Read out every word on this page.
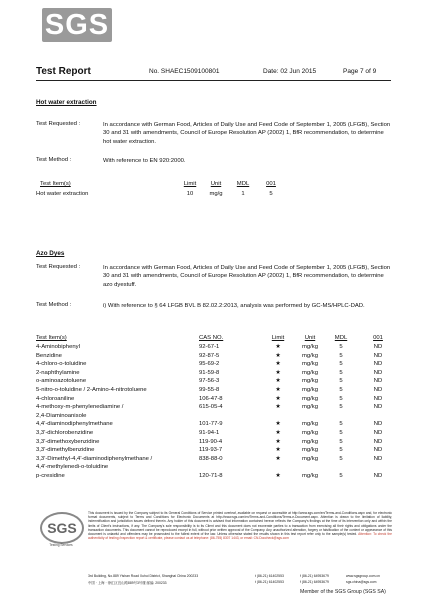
SGS
Test Report	No. SHAEC1509100801	Date: 02 Jun 2015	Page 7 of 9
Hot water extraction
Test Requested :	In accordance with German Food, Articles of Daily Use and Feed Code of September 1, 2005 (LFGB), Section 30 and 31 with amendments, Council of Europe Resolution AP (2002) 1, BfR recommendation, to determine hot water extraction.
Test Method :	With reference to EN 920:2000.
Test Item(s)	Limit	Unit	MDL	001
Hot water extraction	10	mg/g	1	5
Azo Dyes
Test Requested :	In accordance with German Food, Articles of Daily Use and Feed Code of September 1, 2005 (LFGB), Section 30 and 31 with amendments, Council of Europe Resolution AP (2002) 1, BfR recommendation, to determine azo dyestuff.
Test Method :	i) With reference to § 64 LFGB BVL B 82.02.2:2013, analysis was performed by GC-MS/HPLC-DAD.
Test Item(s)	CAS NO.	Limit	Unit	MDL	001
4-Aminobiphenyl	92-67-1	★	mg/kg	5	ND
Benzidine	92-87-5	★	mg/kg	5	ND
4-chloro-o-toluidine	95-69-2	★	mg/kg	5	ND
2-naphthylamine	91-59-8	★	mg/kg	5	ND
o-aminoazotoluene	97-56-3	★	mg/kg	5	ND
5-nitro-o-toluidine / 2-Amino-4-nitrotoluene	99-55-8	★	mg/kg	5	ND
4-chloroaniline	106-47-8	★	mg/kg	5	ND
4-methoxy-m-phenylenediamine /	615-05-4	★	mg/kg	5	ND
2,4-Diaminoanisole
4,4'-diaminodiphenylmethane	101-77-9	★	mg/kg	5	ND
3,3'-dichlorobenzidine	91-94-1	★	mg/kg	5	ND
3,3'-dimethoxybenzidine	119-90-4	★	mg/kg	5	ND
3,3'-dimethylbenzidine	119-93-7	★	mg/kg	5	ND
3,3'-Dimethyl-4,4'-diaminodiphenylmethane /	838-88-0	★	mg/kg	5	ND
4,4'-methylenedi-o-toluidine
p-cresidine	120-71-8	★	mg/kg	5	ND
SGS
Testing Services
This document is issued by the Company subject to its General Conditions of Service printed overleaf, available on request or accessible at http://www.sgs.com/en/Terms-and-Conditions.aspx and, for electronic format documents, subject to Terms and Conditions for Electronic Documents at http://www.sgs.com/en/Terms-and-Conditions/Terms-e-Document.aspx. Attention is drawn to the limitation of liability, indemnification and jurisdiction issues defined therein. Any holder of this document is advised that information contained hereon reflects the Company's findings at the time of its intervention only and within the limits of Client's instructions, if any. The Company's sole responsibility is to its Client and this document does not exonerate parties to a transaction from exercising all their rights and obligations under the transaction documents. This document cannot be reproduced except in full, without prior written approval of the Company. Any unauthorized alteration, forgery or falsification of the content or appearance of this document is unlawful and offenders may be prosecuted to the fullest extent of the law. Unless otherwise stated the results shown in this test report refer only to the sample(s) tested. Attention: To check the authenticity of testing /inspection report & certificate, please contact us at telephone: (86-755) 8307 1443, or email: CN.Doccheck@sgs.com
3rd Building, No.889 Yishan Road Xuhui District, Shanghai China 200233
中国 · 上海 · 徐汇区宜山路889号3号楼 邮编: 200233
t (86-21) 61402553
t (86-21) 61402553
f (86-21) 64953679
f (86-21) 64953679
www.sgsgroup.com.cn
sgs.china@sgs.com
Member of the SGS Group (SGS SA)
